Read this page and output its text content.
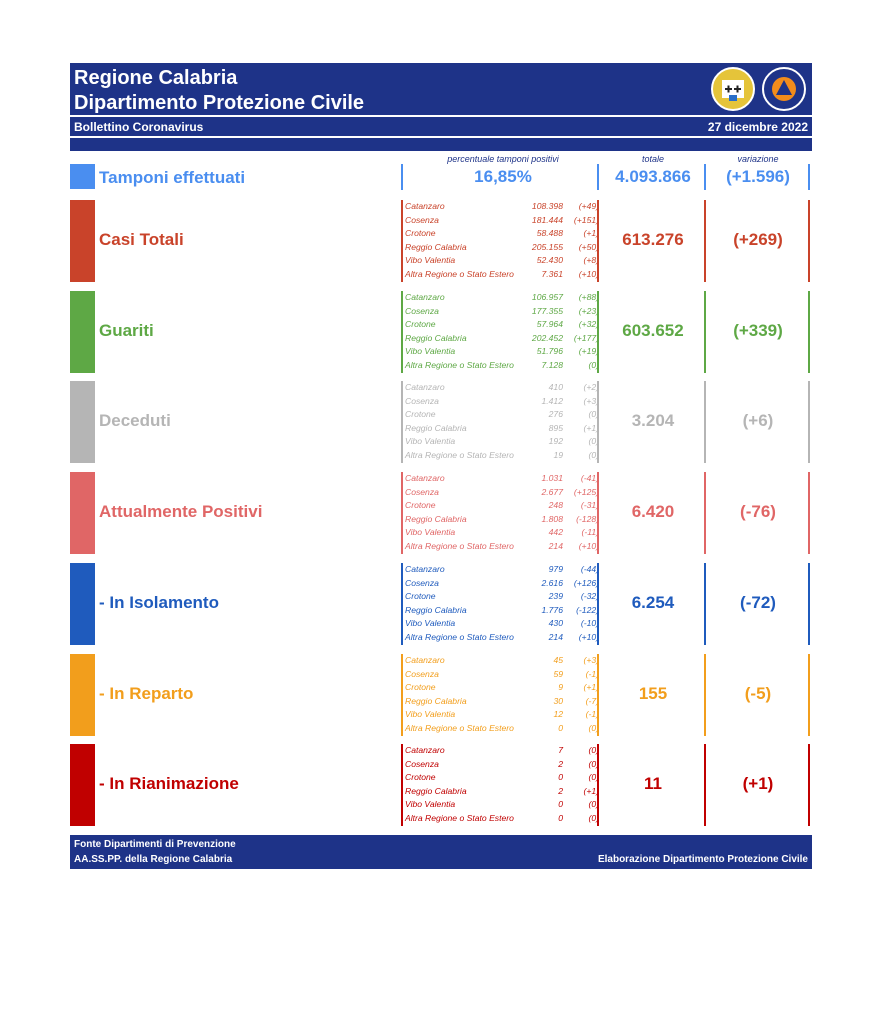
Regione Calabria
Dipartimento Protezione Civile
Bollettino Coronavirus	27 dicembre 2022
percentuale tamponi positivi	totale	variazione
Tamponi effettuati	16,85%	4.093.866	(+1.596)
Casi Totali
Catanzaro	108.398 (+49)
Cosenza	181.444 (+151)
Crotone	58.488 (+1)
Reggio Calabria	205.155 (+50)
Vibo Valentia	52.430 (+8)
Altra Regione o Stato Estero	7.361 (+10)
613.276	(+269)
Guariti
Catanzaro	106.957 (+88)
Cosenza	177.355 (+23)
Crotone	57.964 (+32)
Reggio Calabria	202.452 (+177)
Vibo Valentia	51.796 (+19)
Altra Regione o Stato Estero	7.128	(0)
603.652	(+339)
Deceduti
Catanzaro	410 (+2)
Cosenza	1.412 (+3)
Crotone	276	(0)
Reggio Calabria	895 (+1)
Vibo Valentia	192	(0)
Altra Regione o Stato Estero	19	(0)
3.204	(+6)
Attualmente Positivi
Catanzaro	1.031 (-41)
Cosenza	2.677 (+125)
Crotone	248 (-31)
Reggio Calabria	1.808 (-128)
Vibo Valentia	442 (-11)
Altra Regione o Stato Estero	214 (+10)
6.420	(-76)
- In Isolamento
Catanzaro	979 (-44)
Cosenza	2.616 (+126)
Crotone	239 (-32)
Reggio Calabria	1.776 (-122)
Vibo Valentia	430 (-10)
Altra Regione o Stato Estero	214 (+10)
6.254	(-72)
- In Reparto
Catanzaro	45 (+3)
Cosenza	59	(-1)
Crotone	9 (+1)
Reggio Calabria	30	(-7)
Vibo Valentia	12	(-1)
Altra Regione o Stato Estero	0	(0)
155	(-5)
- In Rianimazione
Catanzaro	7	(0)
Cosenza	2	(0)
Crotone	0	(0)
Reggio Calabria	2 (+1)
Vibo Valentia	0	(0)
Altra Regione o Stato Estero	0	(0)
11	(+1)
Fonte Dipartimenti di Prevenzione
AA.SS.PP. della Regione Calabria	Elaborazione Dipartimento Protezione Civile
